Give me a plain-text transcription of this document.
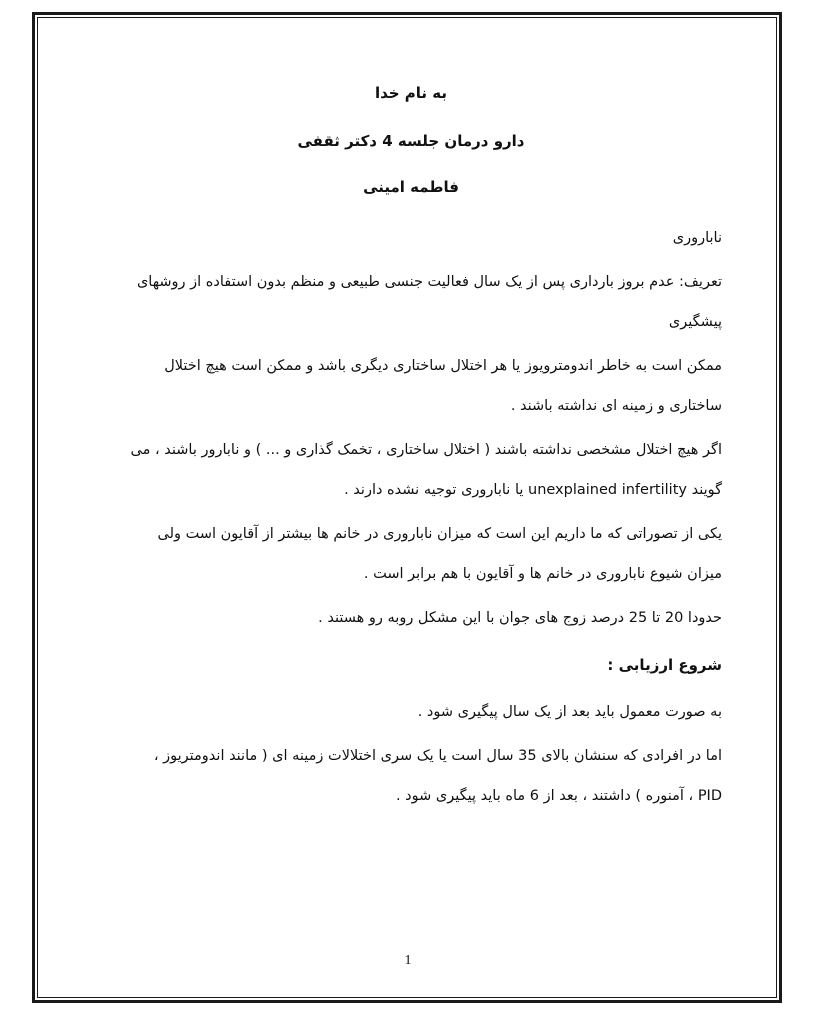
به نام خدا

دارو درمان جلسه 4 دکتر ثقفی

فاطمه امینی

ناباروری

تعریف: عدم بروز بارداری پس از یک سال فعالیت جنسی طبیعی و منظم بدون استفاده از روشهای

پیشگیری

ممکن است به خاطر اندومترویوز یا هر اختلال ساختاری دیگری باشد و ممکن است هیچ اختلال

ساختاری و زمینه ای نداشته باشند .

اگر هیچ اختلال مشخصی نداشته باشند ( اختلال ساختاری ، تخمک گذاری و ... ) و نابارور باشند ، می

گویند unexplained infertility یا ناباروری توجیه نشده دارند .

یکی از تصوراتی که ما داریم این است که میزان ناباروری در خانم ها بیشتر از آقایون است ولی

میزان شیوع ناباروری در خانم ها و آقایون با هم برابر است .

حدودا 20 تا 25 درصد زوج های جوان با این مشکل روبه رو هستند .

شروع ارزیابی :

به صورت معمول باید بعد از یک سال پیگیری شود .

اما در افرادی که سنشان بالای 35 سال است یا یک سری اختلالات زمینه ای ( مانند اندومتریوز ،

PID ، آمنوره ) داشتند ، بعد از 6 ماه باید پیگیری شود .

1
